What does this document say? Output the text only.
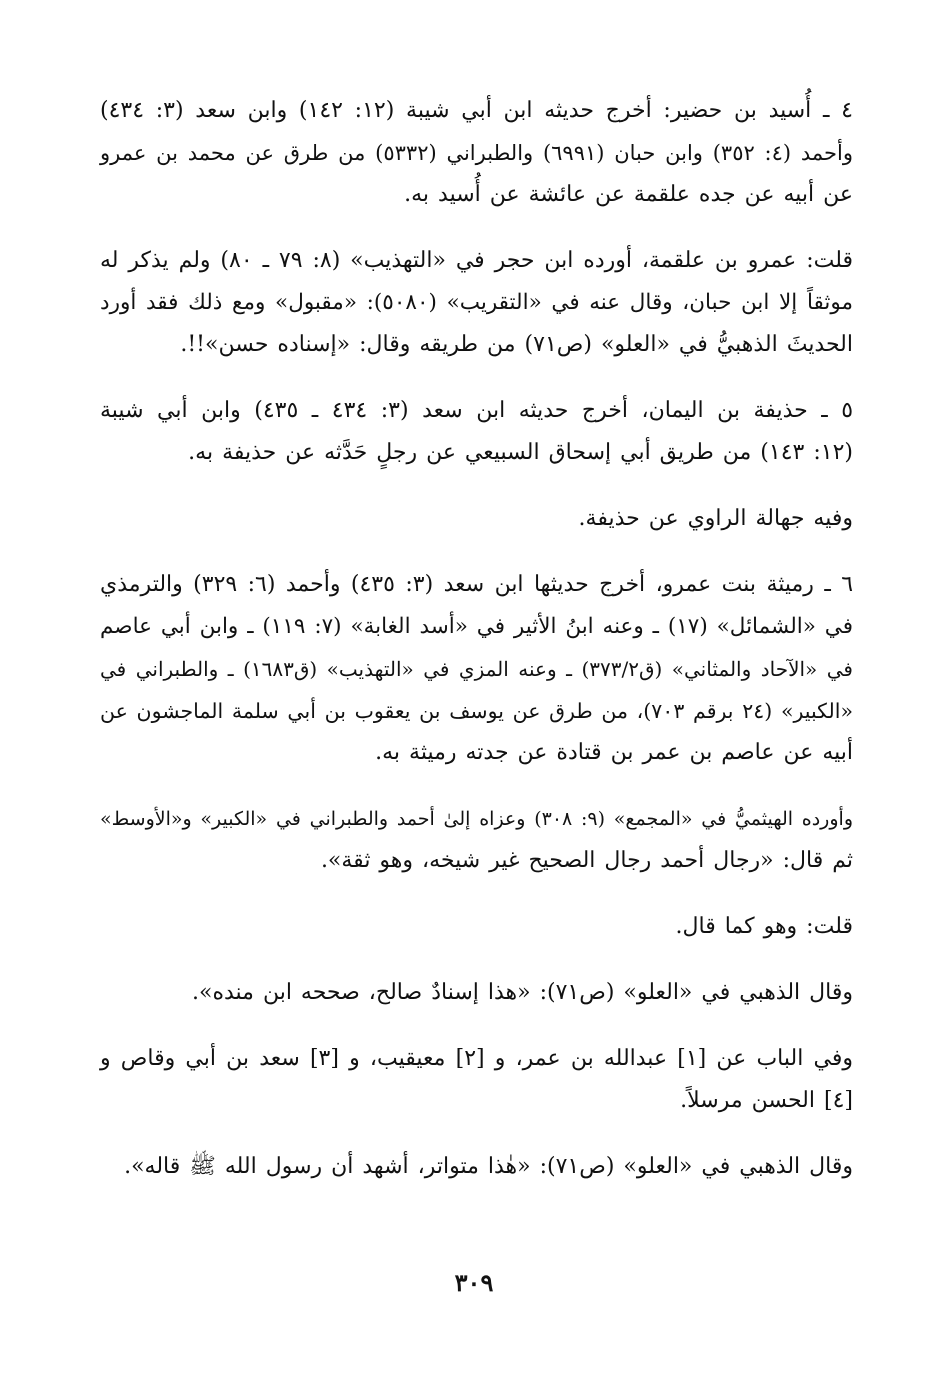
٤ ـ أُسيد بن حضير: أخرج حديثه ابن أبي شيبة (١٢: ١٤٢) وابن سعد (٣: ٤٣٤)
وأحمد (٤: ٣٥٢) وابن حبان (٦٩٩١) والطبراني (٥٣٣٢) من طرق عن محمد بن عمرو
عن أبيه عن جده علقمة عن عائشة عن أُسيد به.
قلت: عمرو بن علقمة، أورده ابن حجر في «التهذيب» (٨: ٧٩ ـ ٨٠) ولم يذكر له
موثقاً إلا ابن حبان، وقال عنه في «التقريب» (٥٠٨٠): «مقبول» ومع ذلك فقد أورد
الحديثَ الذهبيُّ في «العلو» (ص٧١) من طريقه وقال: «إسناده حسن»!!.
٥ ـ حذيفة بن اليمان، أخرج حديثه ابن سعد (٣: ٤٣٤ ـ ٤٣٥) وابن أبي شيبة
(١٢: ١٤٣) من طريق أبي إسحاق السبيعي عن رجلٍ حَدَّثه عن حذيفة به.
وفيه جهالة الراوي عن حذيفة.
٦ ـ رميثة بنت عمرو، أخرج حديثها ابن سعد (٣: ٤٣٥) وأحمد (٦: ٣٢٩) والترمذي
في «الشمائل» (١٧) ـ وعنه ابنُ الأثير في «أسد الغابة» (٧: ١١٩) ـ وابن أبي عاصم
في «الآحاد والمثاني» (ق٣٧٣/٢) ـ وعنه المزي في «التهذيب» (ق١٦٨٣) ـ والطبراني في
«الكبير» (٢٤ برقم ٧٠٣)، من طرق عن يوسف بن يعقوب بن أبي سلمة الماجشون عن
أبيه عن عاصم بن عمر بن قتادة عن جدته رميثة به.
وأورده الهيثميُّ في «المجمع» (٩: ٣٠٨) وعزاه إلىٰ أحمد والطبراني في «الكبير» و«الأوسط»
ثم قال: «رجال أحمد رجال الصحيح غير شيخه، وهو ثقة».
قلت: وهو كما قال.
وقال الذهبي في «العلو» (ص٧١): «هذا إسنادٌ صالح، صححه ابن منده».
وفي الباب عن [١] عبدالله بن عمر، و [٢] معيقيب، و [٣] سعد بن أبي وقاص و
[٤] الحسن مرسلاً.
وقال الذهبي في «العلو» (ص٧١): «هٰذا متواتر، أشهد أن رسول الله ﷺ قاله».
٣٠٩
